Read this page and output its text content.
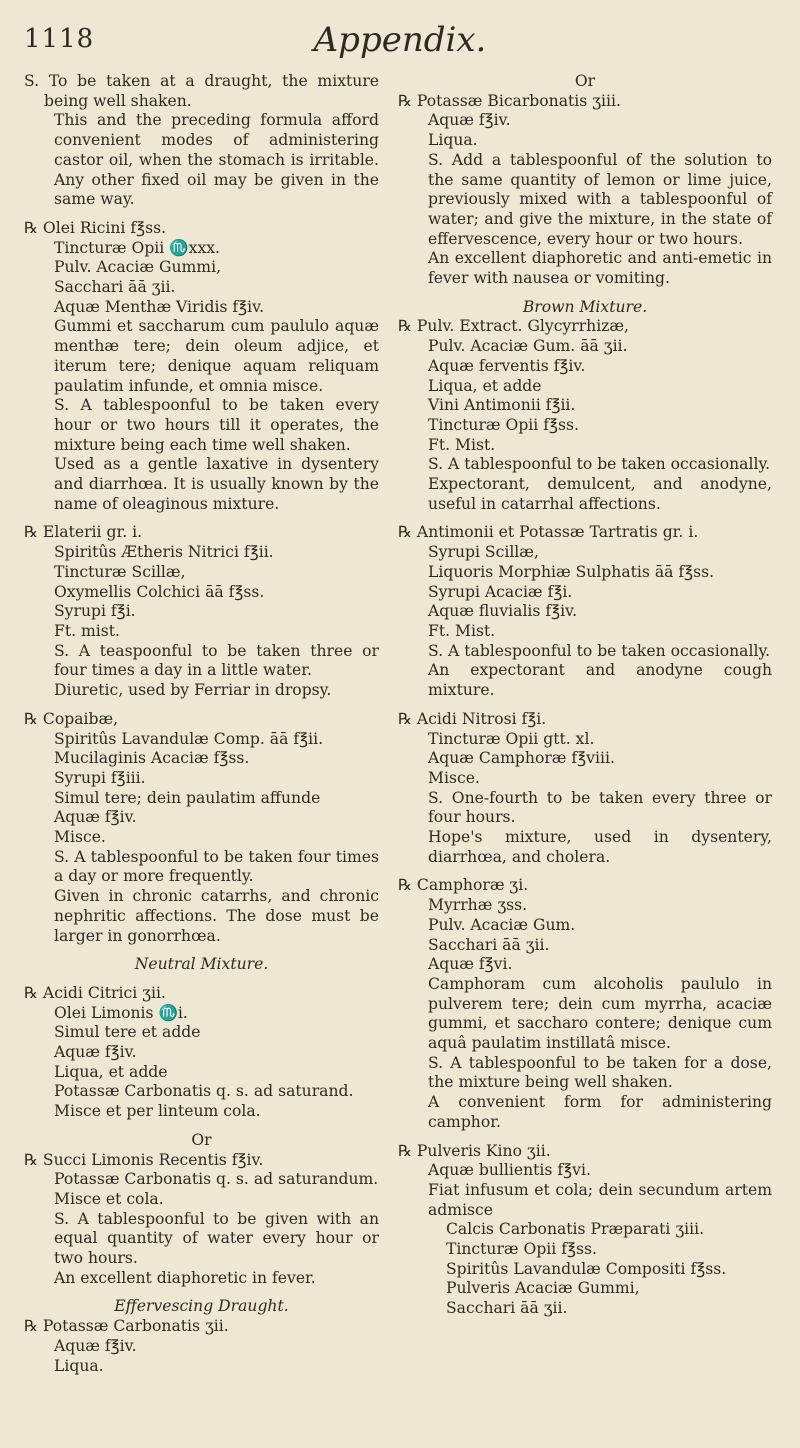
1118	Appendix.

S. To be taken at a draught, the mixture being well shaken.

This and the preceding formula afford convenient modes of administering castor oil, when the stomach is irritable. Any other fixed oil may be given in the same way.

℞ Olei Ricini f℥ss.

Tincturæ Opii ♏xxx.

Pulv. Acaciæ Gummi,

Sacchari āā ʒii.

Aquæ Menthæ Viridis f℥iv.

Gummi et saccharum cum paululo aquæ menthæ tere; dein oleum adjice, et iterum tere; denique aquam reliquam paulatim infunde, et omnia misce.

S. A tablespoonful to be taken every hour or two hours till it operates, the mixture being each time well shaken.

Used as a gentle laxative in dysentery and diarrhœa. It is usually known by the name of oleaginous mixture.

℞ Elaterii gr. i.

Spiritûs Ætheris Nitrici f℥ii.

Tincturæ Scillæ,

Oxymellis Colchici āā f℥ss.

Syrupi f℥i.

Ft. mist.

S. A teaspoonful to be taken three or four times a day in a little water.

Diuretic, used by Ferriar in dropsy.

℞ Copaibæ,

Spiritûs Lavandulæ Comp. āā f℥ii.

Mucilaginis Acaciæ f℥ss.

Syrupi f℥iii.

Simul tere; dein paulatim affunde

Aquæ f℥iv.

Misce.

S. A tablespoonful to be taken four times a day or more frequently.

Given in chronic catarrhs, and chronic nephritic affections. The dose must be larger in gonorrhœa.

Neutral Mixture.

℞ Acidi Citrici ʒii.

Olei Limonis ♏i.

Simul tere et adde

Aquæ f℥iv.

Liqua, et adde

Potassæ Carbonatis q. s. ad saturand.

Misce et per linteum cola.

Or

℞ Succi Limonis Recentis f℥iv.

Potassæ Carbonatis q. s. ad saturandum.

Misce et cola.

S. A tablespoonful to be given with an equal quantity of water every hour or two hours.

An excellent diaphoretic in fever.

Effervescing Draught.

℞ Potassæ Carbonatis ʒii.

Aquæ f℥iv.

Liqua.

Or

℞ Potassæ Bicarbonatis ʒiii.

Aquæ f℥iv.

Liqua.

S. Add a tablespoonful of the solution to the same quantity of lemon or lime juice, previously mixed with a tablespoonful of water; and give the mixture, in the state of effervescence, every hour or two hours.

An excellent diaphoretic and anti-emetic in fever with nausea or vomiting.

Brown Mixture.

℞ Pulv. Extract. Glycyrrhizæ,

Pulv. Acaciæ Gum. āā ʒii.

Aquæ ferventis f℥iv.

Liqua, et adde

Vini Antimonii f℥ii.

Tincturæ Opii f℥ss.

Ft. Mist.

S. A tablespoonful to be taken occasionally.

Expectorant, demulcent, and anodyne, useful in catarrhal affections.

℞ Antimonii et Potassæ Tartratis gr. i.

Syrupi Scillæ,

Liquoris Morphiæ Sulphatis āā f℥ss.

Syrupi Acaciæ f℥i.

Aquæ fluvialis f℥iv.

Ft. Mist.

S. A tablespoonful to be taken occasionally.

An expectorant and anodyne cough mixture.

℞ Acidi Nitrosi f℥i.

Tincturæ Opii gtt. xl.

Aquæ Camphoræ f℥viii.

Misce.

S. One-fourth to be taken every three or four hours.

Hope's mixture, used in dysentery, diarrhœa, and cholera.

℞ Camphoræ ʒi.

Myrrhæ ʒss.

Pulv. Acaciæ Gum.

Sacchari āā ʒii.

Aquæ f℥vi.

Camphoram cum alcoholis paululo in pulverem tere; dein cum myrrha, acaciæ gummi, et saccharo contere; denique cum aquâ paulatim instillatâ misce.

S. A tablespoonful to be taken for a dose, the mixture being well shaken.

A convenient form for administering camphor.

℞ Pulveris Kino ʒii.

Aquæ bullientis f℥vi.

Fiat infusum et cola; dein secundum artem admisce

Calcis Carbonatis Præparati ʒiii.

Tincturæ Opii f℥ss.

Spiritûs Lavandulæ Compositi f℥ss.

Pulveris Acaciæ Gummi,

Sacchari āā ʒii.
